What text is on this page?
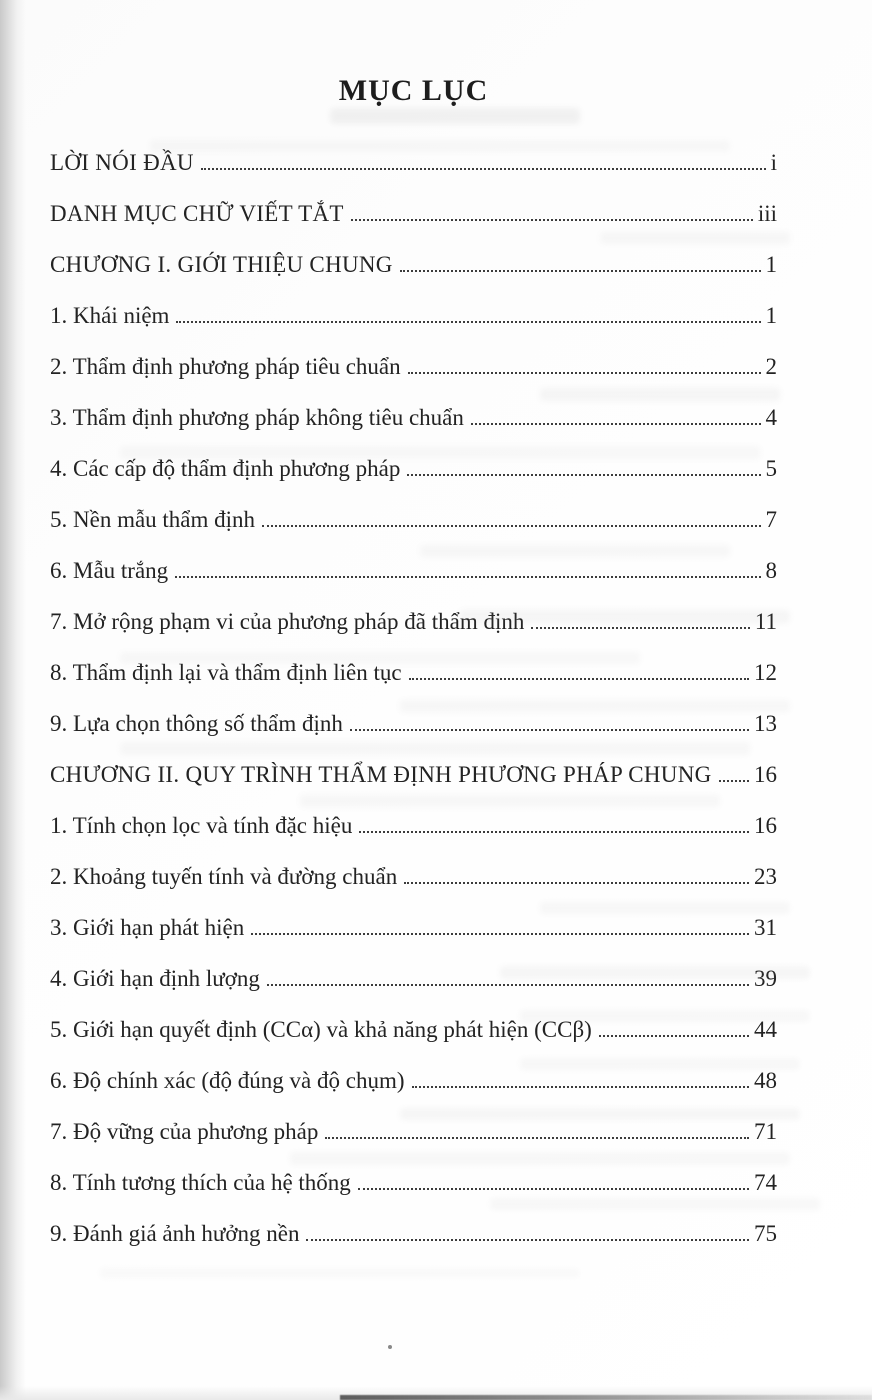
MỤC LỤC
LỜI NÓI ĐẦU	i
DANH MỤC CHỮ VIẾT TẮT	iii
CHƯƠNG I. GIỚI THIỆU CHUNG	1
1. Khái niệm	1
2. Thẩm định phương pháp tiêu chuẩn	2
3. Thẩm định phương pháp không tiêu chuẩn	4
4. Các cấp độ thẩm định phương pháp	5
5. Nền mẫu thẩm định	7
6. Mẫu trắng	8
7. Mở rộng phạm vi của phương pháp đã thẩm định	11
8. Thẩm định lại và thẩm định liên tục	12
9. Lựa chọn thông số thẩm định	13
CHƯƠNG II. QUY TRÌNH THẨM ĐỊNH PHƯƠNG PHÁP CHUNG 16
1. Tính chọn lọc và tính đặc hiệu	16
2. Khoảng tuyến tính và đường chuẩn	23
3. Giới hạn phát hiện	31
4. Giới hạn định lượng	39
5. Giới hạn quyết định (CCα) và khả năng phát hiện (CCβ)	44
6. Độ chính xác (độ đúng và độ chụm)	48
7. Độ vững của phương pháp	71
8. Tính tương thích của hệ thống	74
9. Đánh giá ảnh hưởng nền	75
